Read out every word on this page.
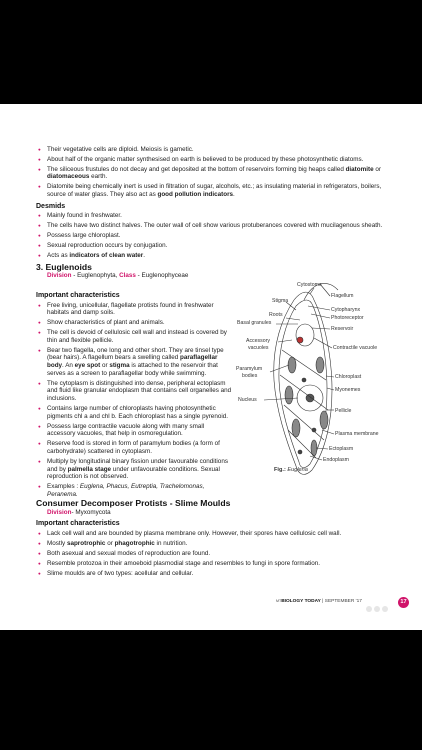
● Their vegetative cells are diploid. Meiosis is gametic.
● About half of the organic matter synthesised on earth is believed to be produced by these photosynthetic diatoms.
● The siliceous frustules do not decay and get deposited at the bottom of reservoirs forming big heaps called diatomite or diatomaceous earth.
● Diatomite being chemically inert is used in filtration of sugar, alcohols, etc.; as insulating material in refrigerators, boilers, source of water glass. They also act as good pollution indicators.
Desmids
● Mainly found in freshwater.
● The cells have two distinct halves. The outer wall of cell show various protuberances covered with mucilagenous sheath.
● Possess large chloroplast.
● Sexual reproduction occurs by conjugation.
● Acts as indicators of clean water.
3. Euglenoids
Division - Euglenophyta, Class - Euglenophyceae
Important characteristics
● Free living, unicellular, flagellate protists found in freshwater habitats and damp soils.
● Show characteristics of plant and animals.
● The cell is devoid of cellulosic cell wall and instead is covered by thin and flexible pellicle.
● Bear two flagella, one long and other short. They are tinsel type (bear hairs). A flagellum bears a swelling called paraflagellar body. An eye spot or stigma is attached to the reservoir that serves as a screen to paraflagellar body while swimming.
● The cytoplasm is distinguished into dense, peripheral ectoplasm and fluid like granular endoplasm that contains cell organelles and inclusions.
● Contains large number of chloroplasts having photosynthetic pigments chl a and chl b. Each chloroplast has a single pyrenoid.
● Possess large contractile vacuole along with many small accessory vacuoles, that help in osmoregulation.
● Reserve food is stored in form of paramylum bodies (a form of carbohydrate) scattered in cytoplasm.
● Multiply by longitudinal binary fission under favourable conditions and by palmella stage under unfavourable conditions. Sexual reproduction is not observed.
● Examples : Euglena, Phacus, Eutreptia, Trachelomonas, Peranema.
Cytostome
Flagellum
Stigma
Cytopharynx
Roots	Photoreceptor
Basal granules
Reservoir
Accessory
vacuoles	Contractile vacuole
Paramylum
bodies	Chloroplast
Myonemes
Nucleus
Pellicle
Plasma membrane
Ectoplasm
Endoplasm
Fig.: Euglena
Consumer Decomposer Protists - Slime Moulds
Division- Myxomycota
Important characteristics
● Lack cell wall and are bounded by plasma membrane only. However, their spores have cellulosic cell wall.
● Mostly saprotrophic or phagotrophic in nutrition.
● Both asexual and sexual modes of reproduction are found.
● Resemble protozoa in their amoeboid plasmodial stage and resembles to fungi in spore formation.
● Slime moulds are of two types: acellular and cellular.
$^{MT}$BIOLOGY TODAY | SEPTEMBER '17	17
